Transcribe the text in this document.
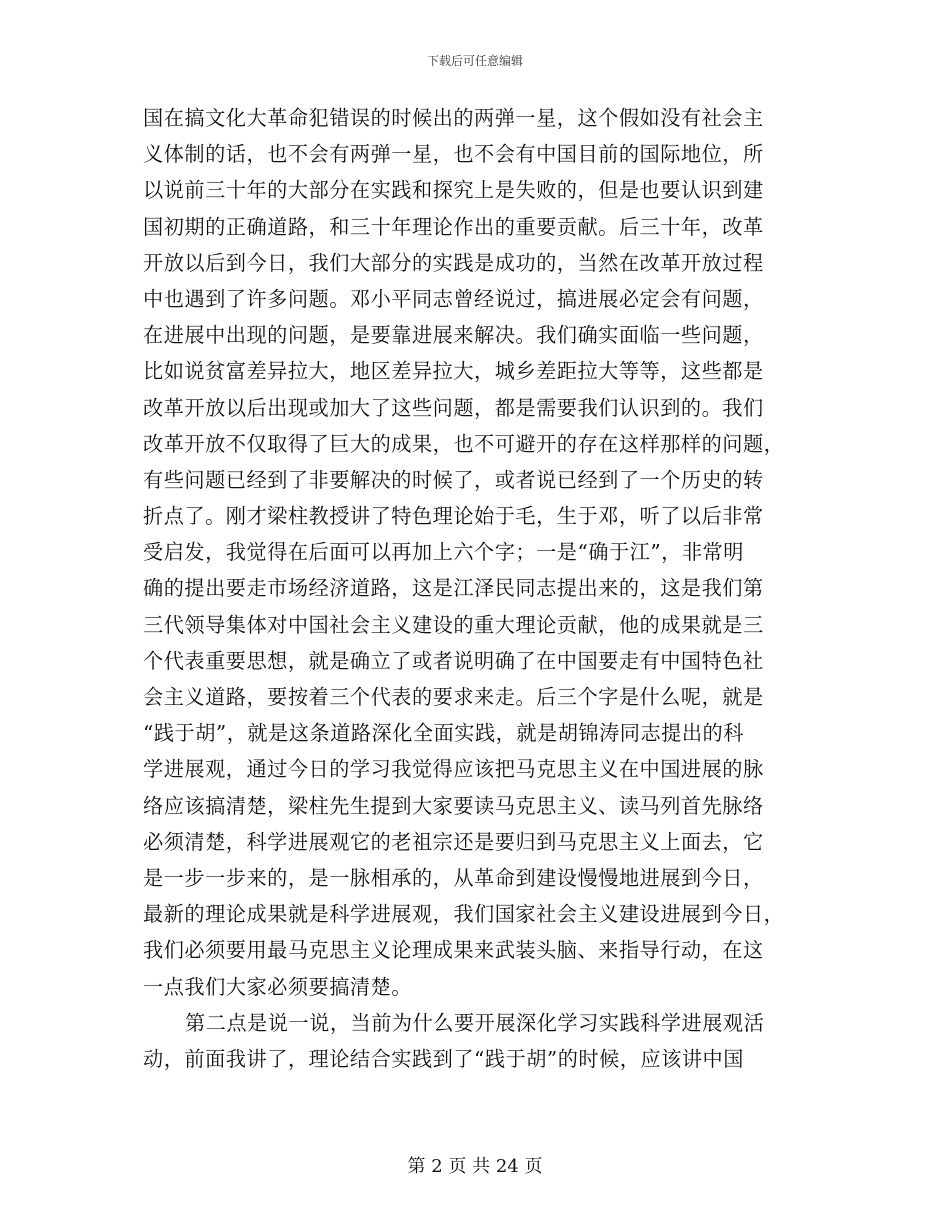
下载后可任意编辑
国在搞文化大革命犯错误的时候出的两弹一星，这个假如没有社会主
义体制的话，也不会有两弹一星，也不会有中国目前的国际地位，所
以说前三十年的大部分在实践和探究上是失败的，但是也要认识到建
国初期的正确道路，和三十年理论作出的重要贡献。后三十年，改革
开放以后到今日，我们大部分的实践是成功的，当然在改革开放过程
中也遇到了许多问题。邓小平同志曾经说过，搞进展必定会有问题，
在进展中出现的问题，是要靠进展来解决。我们确实面临一些问题，
比如说贫富差异拉大，地区差异拉大，城乡差距拉大等等，这些都是
改革开放以后出现或加大了这些问题，都是需要我们认识到的。我们
改革开放不仅取得了巨大的成果，也不可避开的存在这样那样的问题，
有些问题已经到了非要解决的时候了，或者说已经到了一个历史的转
折点了。刚才梁柱教授讲了特色理论始于毛，生于邓，听了以后非常
受启发，我觉得在后面可以再加上六个字；一是“确于江”，非常明
确的提出要走市场经济道路，这是江泽民同志提出来的，这是我们第
三代领导集体对中国社会主义建设的重大理论贡献，他的成果就是三
个代表重要思想，就是确立了或者说明确了在中国要走有中国特色社
会主义道路，要按着三个代表的要求来走。后三个字是什么呢，就是
“践于胡”，就是这条道路深化全面实践，就是胡锦涛同志提出的科
学进展观，通过今日的学习我觉得应该把马克思主义在中国进展的脉
络应该搞清楚，梁柱先生提到大家要读马克思主义、读马列首先脉络
必须清楚，科学进展观它的老祖宗还是要归到马克思主义上面去，它
是一步一步来的，是一脉相承的，从革命到建设慢慢地进展到今日，
最新的理论成果就是科学进展观，我们国家社会主义建设进展到今日，
我们必须要用最马克思主义论理成果来武装头脑、来指导行动，在这
一点我们大家必须要搞清楚。
第二点是说一说，当前为什么要开展深化学习实践科学进展观活
动，前面我讲了，理论结合实践到了“践于胡”的时候，应该讲中国
第 2 页 共 24 页
